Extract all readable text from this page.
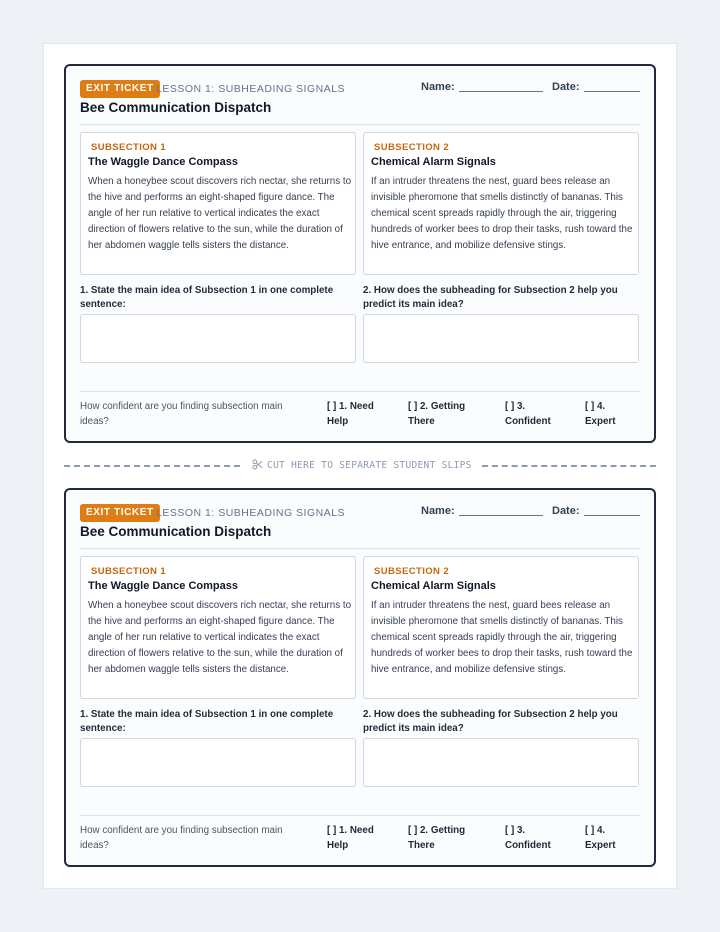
EXIT TICKET LESSON 1: SUBHEADING SIGNALS	Name:	Date:
Bee Communication Dispatch
SUBSECTION 1
The Waggle Dance Compass
When a honeybee scout discovers rich nectar, she returns to the hive and performs an eight-shaped figure dance. The angle of her run relative to vertical indicates the exact direction of flowers relative to the sun, while the duration of her abdomen waggle tells sisters the distance.
SUBSECTION 2
Chemical Alarm Signals
If an intruder threatens the nest, guard bees release an invisible pheromone that smells distinctly of bananas. This chemical scent spreads rapidly through the air, triggering hundreds of worker bees to drop their tasks, rush toward the hive entrance, and mobilize defensive stings.
1. State the main idea of Subsection 1 in one complete sentence:
2. How does the subheading for Subsection 2 help you predict its main idea?
How confident are you finding subsection main ideas?
[ ] 1. Need Help
[ ] 2. Getting There
[ ] 3. Confident
[ ] 4. Expert
CUT HERE TO SEPARATE STUDENT SLIPS
EXIT TICKET LESSON 1: SUBHEADING SIGNALS	Name:	Date:
Bee Communication Dispatch
SUBSECTION 1
The Waggle Dance Compass
When a honeybee scout discovers rich nectar, she returns to the hive and performs an eight-shaped figure dance. The angle of her run relative to vertical indicates the exact direction of flowers relative to the sun, while the duration of her abdomen waggle tells sisters the distance.
SUBSECTION 2
Chemical Alarm Signals
If an intruder threatens the nest, guard bees release an invisible pheromone that smells distinctly of bananas. This chemical scent spreads rapidly through the air, triggering hundreds of worker bees to drop their tasks, rush toward the hive entrance, and mobilize defensive stings.
1. State the main idea of Subsection 1 in one complete sentence:
2. How does the subheading for Subsection 2 help you predict its main idea?
How confident are you finding subsection main ideas?
[ ] 1. Need Help
[ ] 2. Getting There
[ ] 3. Confident
[ ] 4. Expert
